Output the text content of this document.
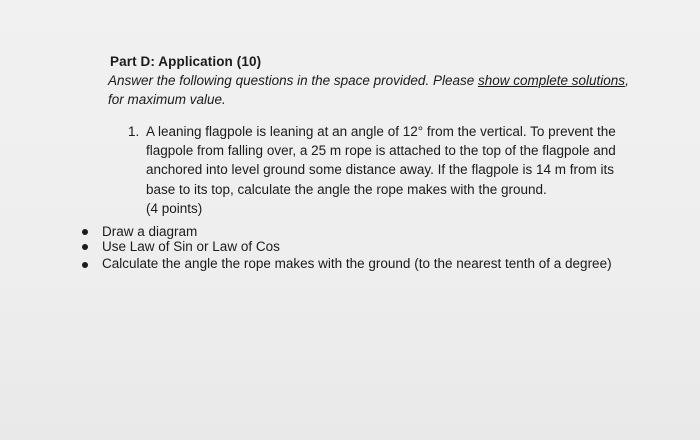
Part D: Application (10)
Answer the following questions in the space provided. Please show complete solutions,
for maximum value.
1. A leaning flagpole is leaning at an angle of 12° from the vertical. To prevent the flagpole from falling over, a 25 m rope is attached to the top of the flagpole and anchored into level ground some distance away. If the flagpole is 14 m from its base to its top, calculate the angle the rope makes with the ground.
(4 points)
Draw a diagram
Use Law of Sin or Law of Cos
Calculate the angle the rope makes with the ground (to the nearest tenth of a degree)
